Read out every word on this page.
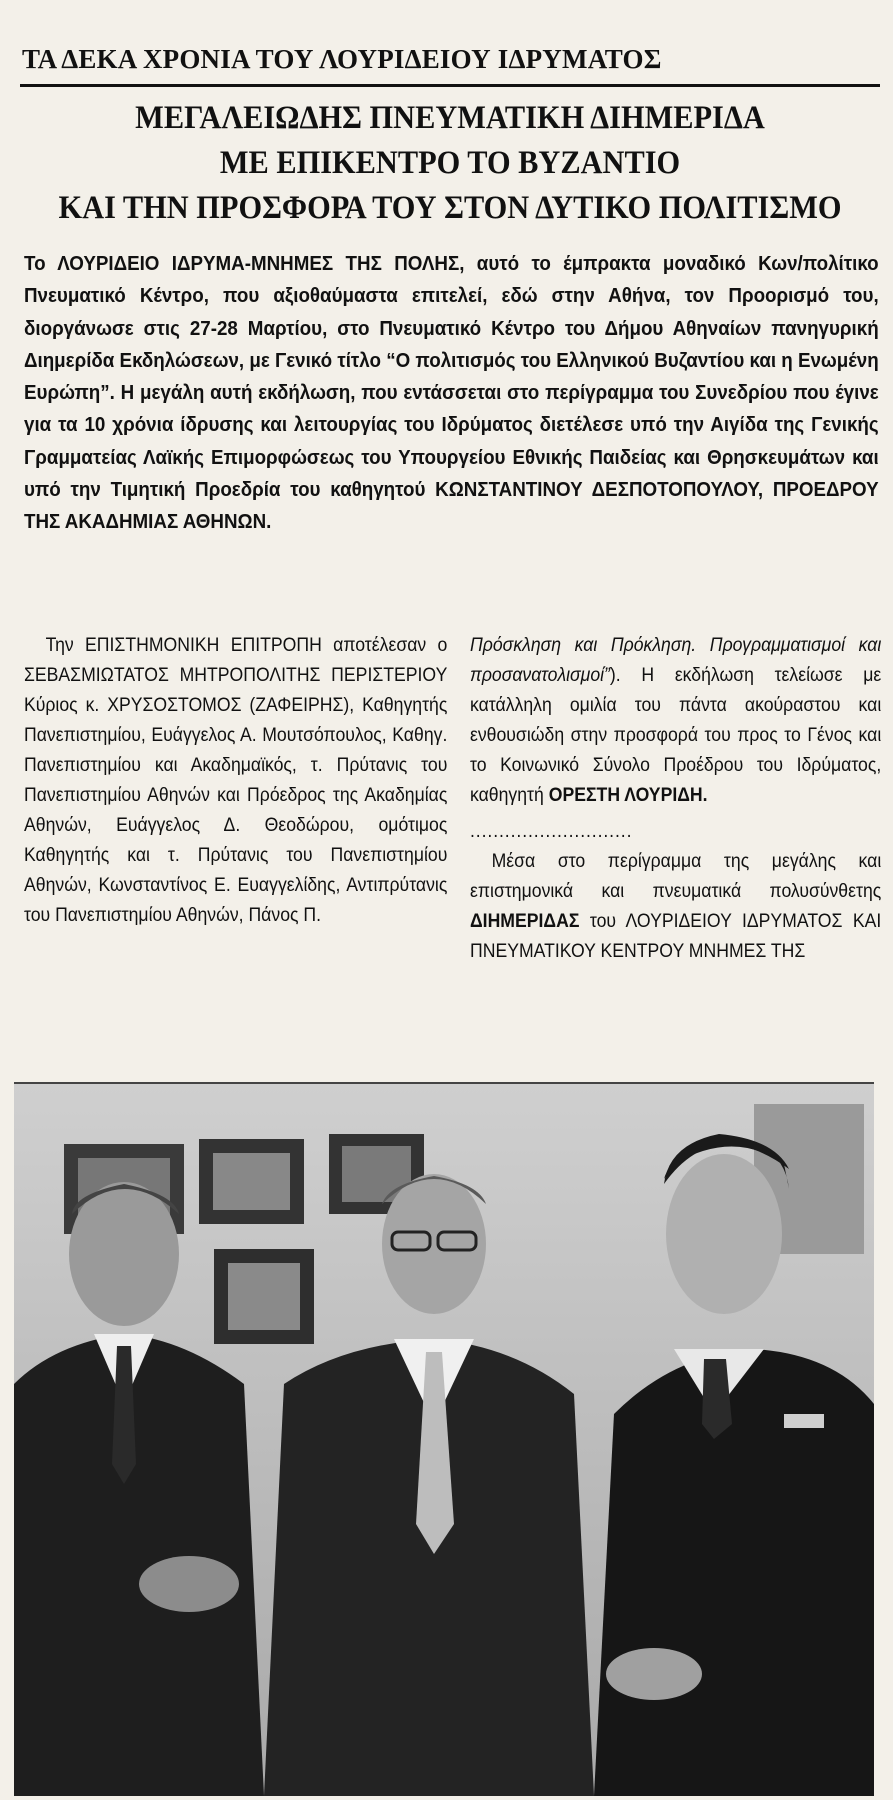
ΤΑ ΔΕΚΑ ΧΡΟΝΙΑ ΤΟΥ ΛΟΥΡΙΔΕΙΟΥ ΙΔΡΥΜΑΤΟΣ
ΜΕΓΑΛΕΙΩΔΗΣ ΠΝΕΥΜΑΤΙΚΗ ΔΙΗΜΕΡΙΔΑ
ΜΕ ΕΠΙΚΕΝΤΡΟ ΤΟ ΒΥΖΑΝΤΙΟ
ΚΑΙ ΤΗΝ ΠΡΟΣΦΟΡΑ ΤΟΥ ΣΤΟΝ ΔΥΤΙΚΟ ΠΟΛΙΤΙΣΜΟ
Το ΛΟΥΡΙΔΕΙΟ ΙΔΡΥΜΑ-ΜΝΗΜΕΣ ΤΗΣ ΠΟΛΗΣ, αυτό το έμπρακτα μοναδικό Κων/πολίτικο Πνευματικό Κέντρο, που αξιοθαύμαστα επιτελεί, εδώ στην Αθήνα, τον Προορισμό του, διοργάνωσε στις 27-28 Μαρτίου, στο Πνευματικό Κέντρο του Δήμου Αθηναίων πανηγυρική Διημερίδα Εκδηλώσεων, με Γενικό τίτλο “Ο πολιτισμός του Ελληνικού Βυζαντίου και η Ενωμένη Ευρώπη”. Η μεγάλη αυτή εκδήλωση, που εντάσσεται στο περίγραμμα του Συνεδρίου που έγινε για τα 10 χρόνια ίδρυσης και λειτουργίας του Ιδρύματος διετέλεσε υπό την Αιγίδα της Γενικής Γραμματείας Λαϊκής Επιμορφώσεως του Υπουργείου Εθνικής Παιδείας και Θρησκευμάτων και υπό την Τιμητική Προεδρία του καθηγητού ΚΩΝΣΤΑΝΤΙΝΟΥ ΔΕΣΠΟΤΟΠΟΥΛΟΥ, ΠΡΟΕΔΡΟΥ ΤΗΣ ΑΚΑΔΗΜΙΑΣ ΑΘΗΝΩΝ.
Την ΕΠΙΣΤΗΜΟΝΙΚΗ ΕΠΙΤΡΟΠΗ αποτέλεσαν ο ΣΕΒΑΣΜΙΩΤΑΤΟΣ ΜΗΤΡΟΠΟΛΙΤΗΣ ΠΕΡΙΣΤΕΡΙΟΥ Κύριος κ. ΧΡΥΣΟΣΤΟΜΟΣ (ΖΑΦΕΙΡΗΣ), Καθηγητής Πανεπιστημίου, Ευάγγελος Α. Μουτσόπουλος, Καθηγ. Πανεπιστημίου και Ακαδημαϊκός, τ. Πρύτανις του Πανεπιστημίου Αθηνών και Πρόεδρος της Ακαδημίας Αθηνών, Ευάγγελος Δ. Θεοδώρου, ομότιμος Καθηγητής και τ. Πρύτανις του Πανεπιστημίου Αθηνών, Κωνσταντίνος Ε. Ευαγγελίδης, Αντιπρύτανις του Πανεπιστημίου Αθηνών, Πάνος Π.
Πρόσκληση και Πρόκληση. Προγραμματισμοί και προσανατολισμοί”). Η εκδήλωση τελείωσε με κατάλληλη ομιλία του πάντα ακούραστου και ενθουσιώδη στην προσφορά του προς το Γένος και το Κοινωνικό Σύνολο Προέδρου του Ιδρύματος, καθηγητή ΟΡΕΣΤΗ ΛΟΥΡΙΔΗ.
............................
Μέσα στο περίγραμμα της μεγάλης και επιστημονικά και πνευματικά πολυσύνθετης ΔΙΗΜΕΡΙΔΑΣ του ΛΟΥΡΙΔΕΙΟΥ ΙΔΡΥΜΑΤΟΣ ΚΑΙ ΠΝΕΥΜΑΤΙΚΟΥ ΚΕΝΤΡΟΥ ΜΝΗΜΕΣ ΤΗΣ
